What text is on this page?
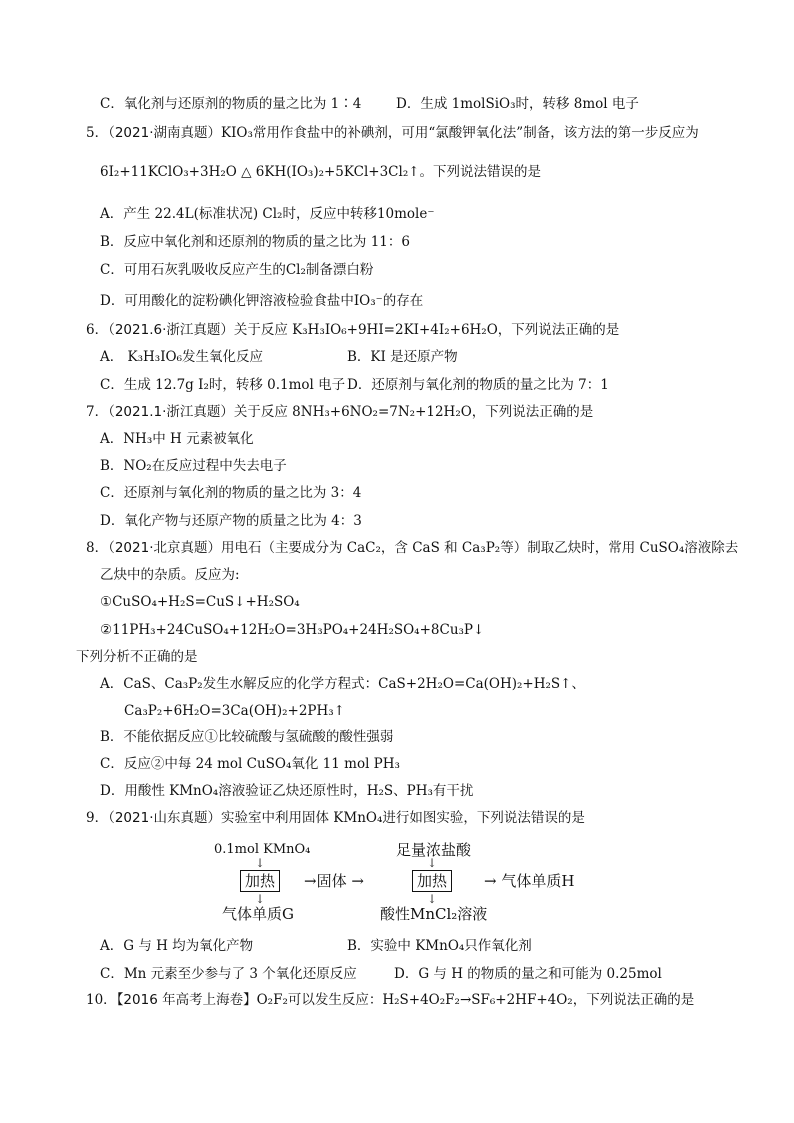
C．氧化剂与还原剂的物质的量之比为 1∶4	D．生成 1molSiO₃时，转移 8mol 电子
5．（2021·湖南真题）KIO₃常用作食盐中的补碘剂，可用“氯酸钾氧化法”制备，该方法的第一步反应为
6I₂+11KClO₃+3H₂O △ 6KH(IO₃)₂+5KCl+3Cl₂↑。下列说法错误的是
A．产生 22.4L(标准状况) Cl₂时，反应中转移10mole⁻
B．反应中氧化剂和还原剂的物质的量之比为 11：6
C．可用石灰乳吸收反应产生的Cl₂制备漂白粉
D．可用酸化的淀粉碘化钾溶液检验食盐中IO₃⁻的存在
6．（2021.6·浙江真题）关于反应 K₃H₃IO₆+9HI=2KI+4I₂+6H₂O，下列说法正确的是
A． K₃H₃IO₆发生氧化反应	B．KI 是还原产物
C．生成 12.7g I₂时，转移 0.1mol 电子 D．还原剂与氧化剂的物质的量之比为 7：1
7．（2021.1·浙江真题）关于反应 8NH₃+6NO₂=7N₂+12H₂O，下列说法正确的是
A．NH₃中 H 元素被氧化
B．NO₂在反应过程中失去电子
C．还原剂与氧化剂的物质的量之比为 3：4
D．氧化产物与还原产物的质量之比为 4：3
8．（2021·北京真题）用电石（主要成分为 CaC₂，含 CaS 和 Ca₃P₂等）制取乙炔时，常用 CuSO₄溶液除去
乙炔中的杂质。反应为:
①CuSO₄+H₂S=CuS↓+H₂SO₄
②11PH₃+24CuSO₄+12H₂O=3H₃PO₄+24H₂SO₄+8Cu₃P↓
下列分析不正确的是
A．CaS、Ca₃P₂发生水解反应的化学方程式：CaS+2H₂O=Ca(OH)₂+H₂S↑、
Ca₃P₂+6H₂O=3Ca(OH)₂+2PH₃↑
B．不能依据反应①比较硫酸与氢硫酸的酸性强弱
C．反应②中每 24 mol CuSO₄氧化 11 mol PH₃
D．用酸性 KMnO₄溶液验证乙炔还原性时，H₂S、PH₃有干扰
9．（2021·山东真题）实验室中利用固体 KMnO₄进行如图实验，下列说法错误的是
0.1mol KMnO₄
↓
加热	→固体 →
↓
气体单质G
足量浓盐酸
↓
加热	→ 气体单质H
↓
酸性MnCl₂溶液
A．G 与 H 均为氧化产物	B．实验中 KMnO₄只作氧化剂
C．Mn 元素至少参与了 3 个氧化还原反应	D．G 与 H 的物质的量之和可能为 0.25mol
10．【2016 年高考上海卷】O₂F₂可以发生反应：H₂S+4O₂F₂→SF₆+2HF+4O₂，下列说法正确的是
